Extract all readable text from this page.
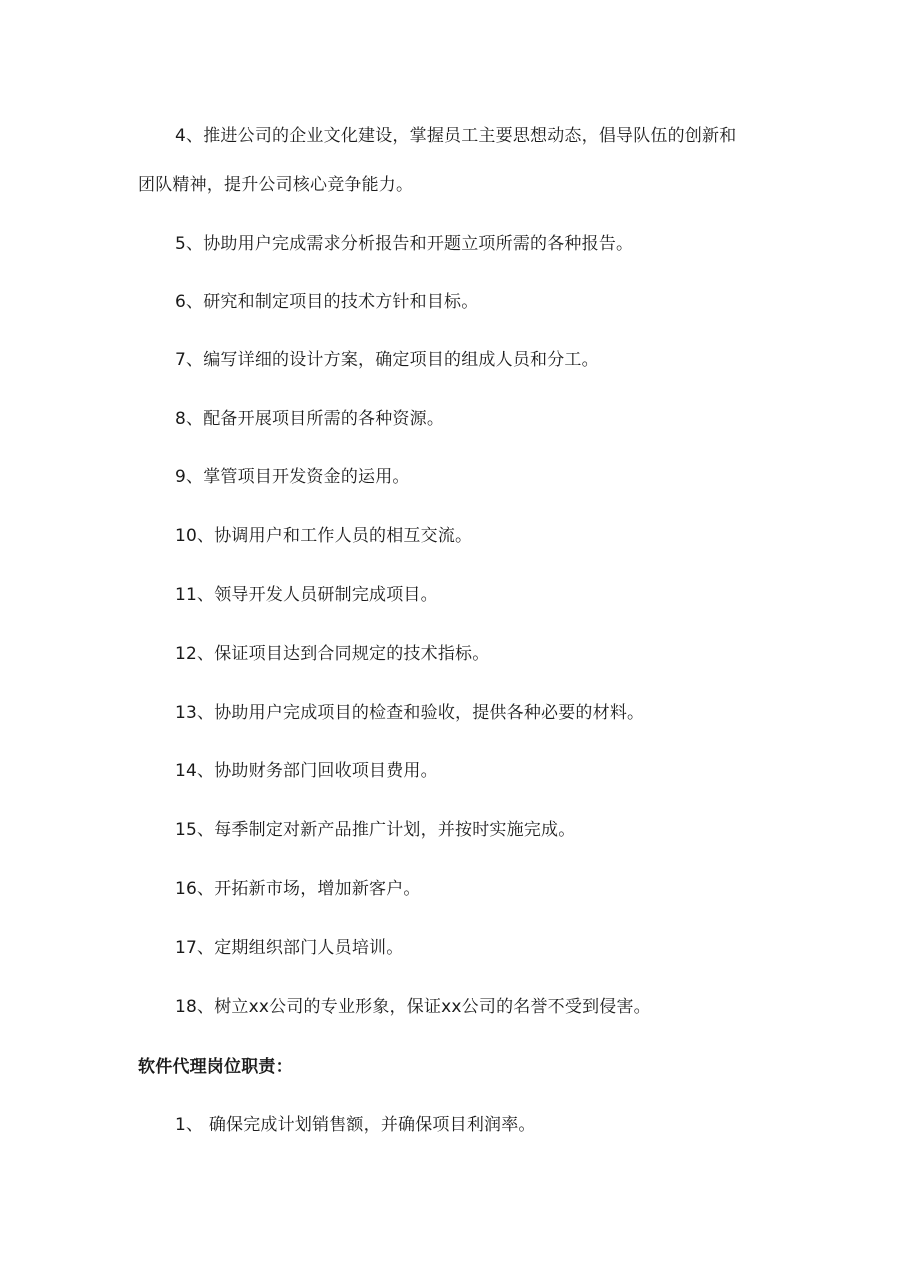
4、推进公司的企业文化建设，掌握员工主要思想动态，倡导队伍的创新和
团队精神，提升公司核心竞争能力。
5、协助用户完成需求分析报告和开题立项所需的各种报告。
6、研究和制定项目的技术方针和目标。
7、编写详细的设计方案，确定项目的组成人员和分工。
8、配备开展项目所需的各种资源。
9、掌管项目开发资金的运用。
10、协调用户和工作人员的相互交流。
11、领导开发人员研制完成项目。
12、保证项目达到合同规定的技术指标。
13、协助用户完成项目的检查和验收，提供各种必要的材料。
14、协助财务部门回收项目费用。
15、每季制定对新产品推广计划，并按时实施完成。
16、开拓新市场，增加新客户。
17、定期组织部门人员培训。
18、树立xx公司的专业形象，保证xx公司的名誉不受到侵害。
软件代理岗位职责：
1、 确保完成计划销售额，并确保项目利润率。
